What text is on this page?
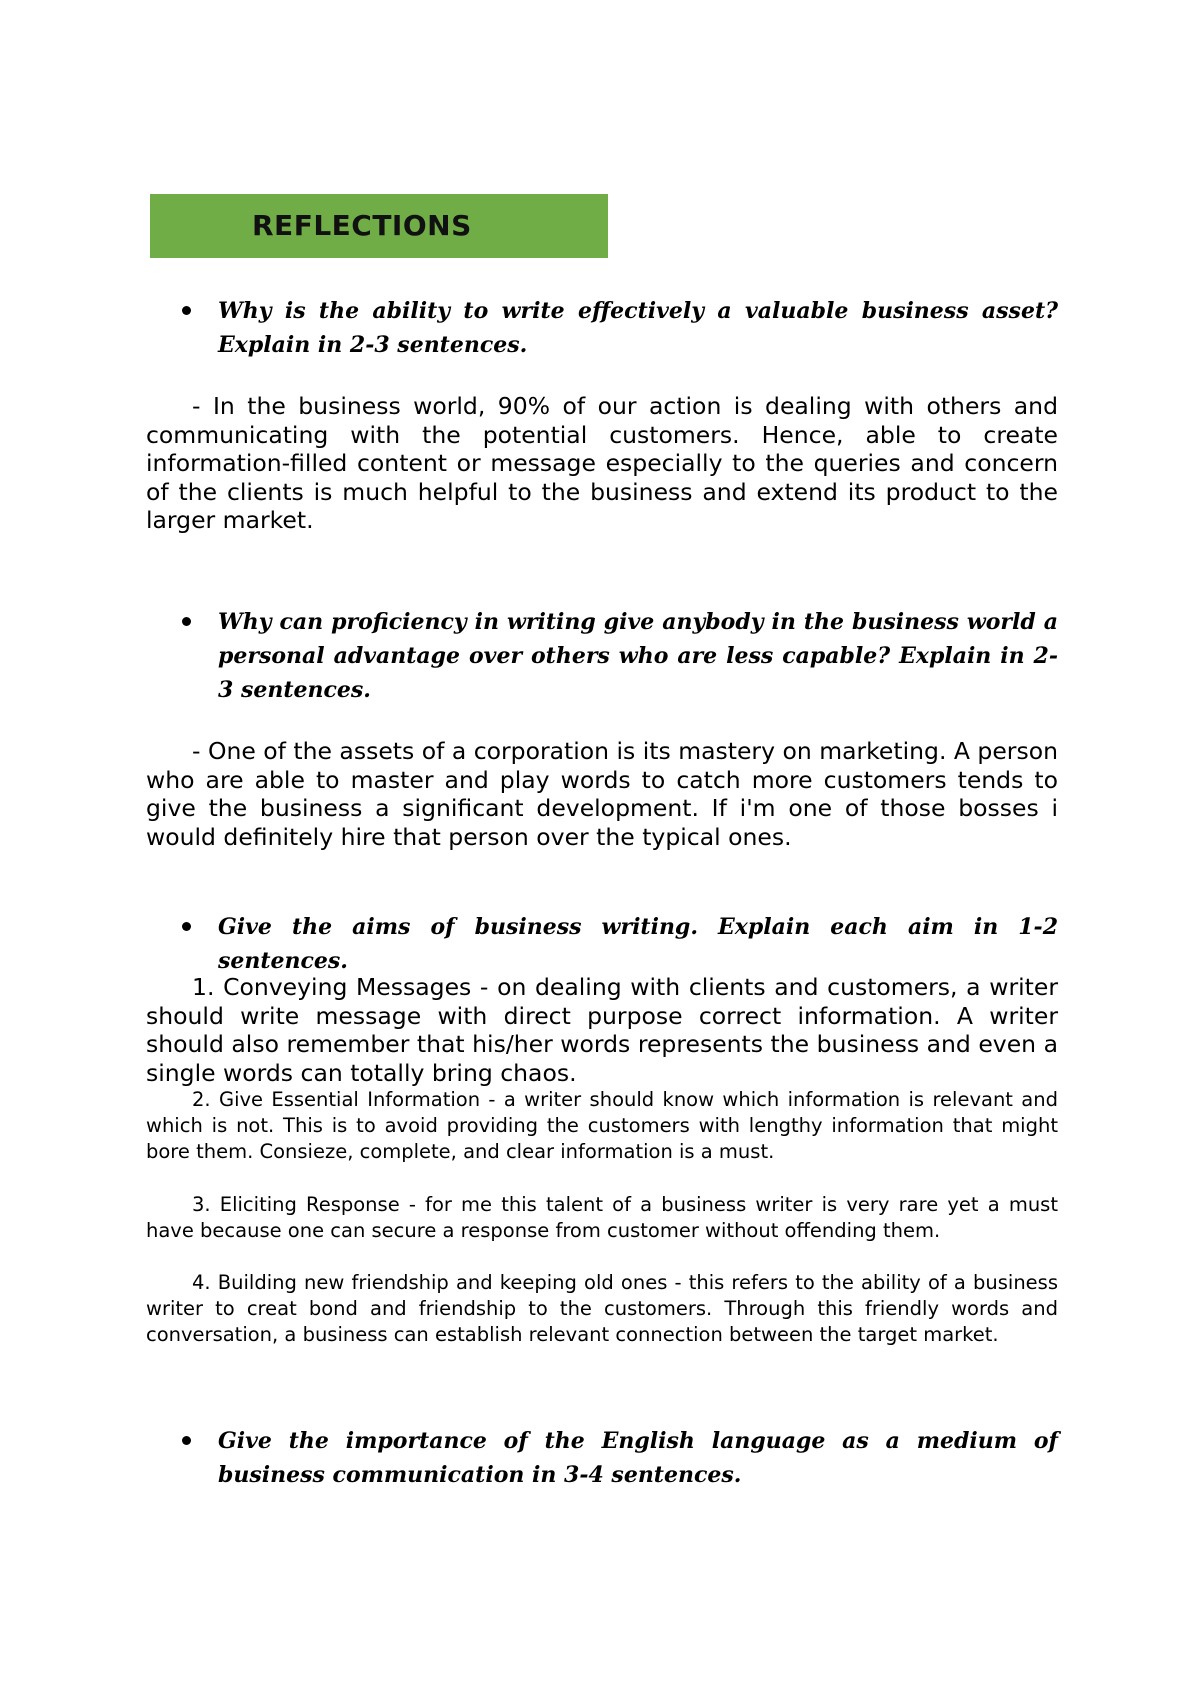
REFLECTIONS
Why is the ability to write effectively a valuable business asset? Explain in 2-3 sentences.
- In the business world, 90% of our action is dealing with others and communicating with the potential customers. Hence, able to create information-filled content or message especially to the queries and concern of the clients is much helpful to the business and extend its product to the larger market.
Why can proficiency in writing give anybody in the business world a personal advantage over others who are less capable? Explain in 2-3 sentences.
- One of the assets of a corporation is its mastery on marketing. A person who are able to master and play words to catch more customers tends to give the business a significant development. If i'm one of those bosses i would definitely hire that person over the typical ones.
Give the aims of business writing. Explain each aim in 1-2 sentences.
1. Conveying Messages - on dealing with clients and customers, a writer should write message with direct purpose correct information. A writer should also remember that his/her words represents the business and even a single words can totally bring chaos.
2. Give Essential Information - a writer should know which information is relevant and which is not. This is to avoid providing the customers with lengthy information that might bore them. Consieze, complete, and clear information is a must.
3. Eliciting Response - for me this talent of a business writer is very rare yet a must have because one can secure a response from customer without offending them.
4. Building new friendship and keeping old ones - this refers to the ability of a business writer to creat bond and friendship to the customers. Through this friendly words and conversation, a business can establish relevant connection between the target market.
Give the importance of the English language as a medium of business communication in 3-4 sentences.
